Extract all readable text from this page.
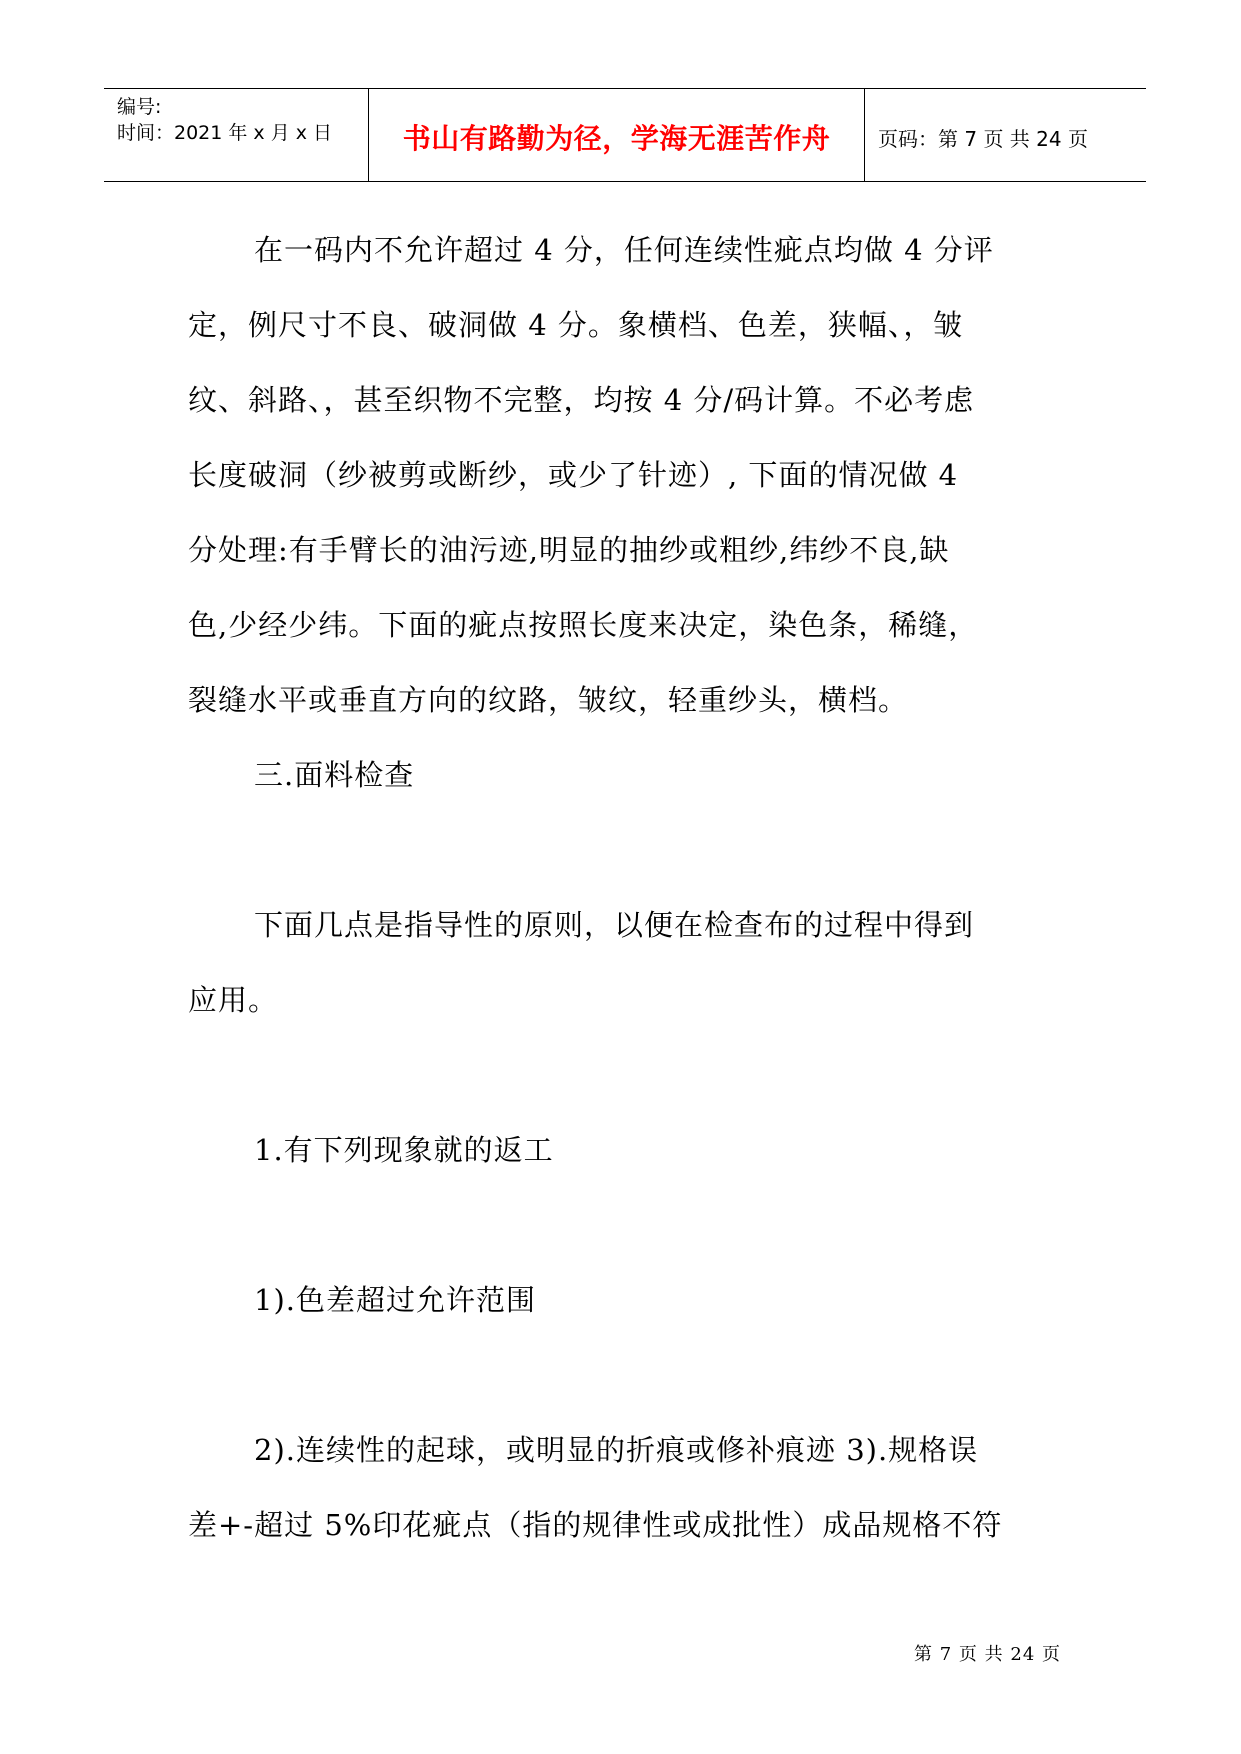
编号:
时间：2021 年 x 月 x 日	书山有路勤为径，学海无涯苦作舟 页码：第 7 页 共 24 页
在一码内不允许超过 4 分，任何连续性疵点均做 4 分评
定，例尺寸不良、破洞做 4 分。象横档、色差，狭幅、，皱
纹、斜路、，甚至织物不完整，均按 4 分/码计算。不必考虑
长度破洞（纱被剪或断纱，或少了针迹）, 下面的情况做 4
分处理:有手臂长的油污迹,明显的抽纱或粗纱,纬纱不良,缺
色,少经少纬。下面的疵点按照长度来决定，染色条，稀缝，
裂缝水平或垂直方向的纹路，皱纹，轻重纱头，横档。
三.面料检查
下面几点是指导性的原则，以便在检查布的过程中得到
应用。
1.有下列现象就的返工
1).色差超过允许范围
2).连续性的起球，或明显的折痕或修补痕迹 3).规格误
差+-超过 5%印花疵点（指的规律性或成批性）成品规格不符
第 7 页 共 24 页
